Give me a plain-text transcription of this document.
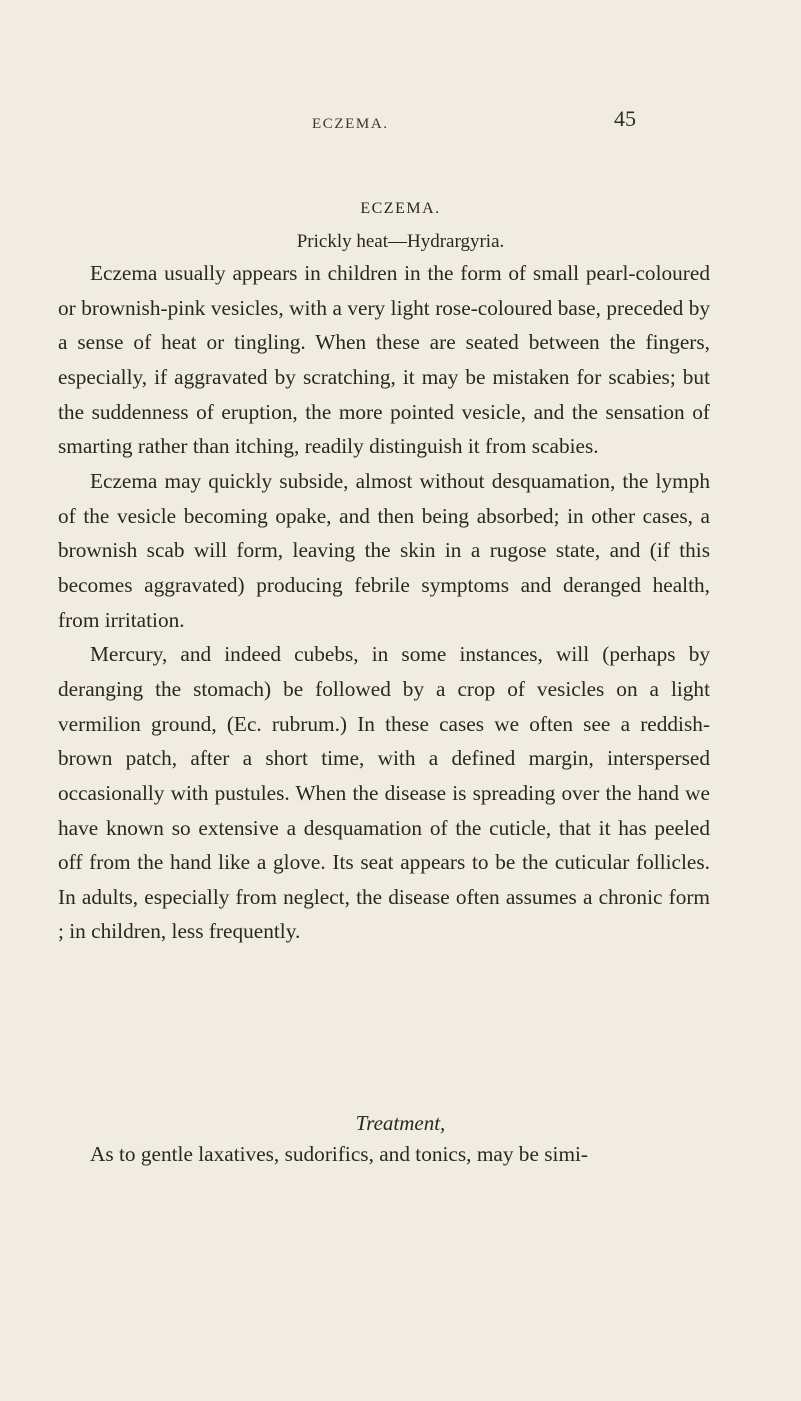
ECZEMA.	45
ECZEMA.
Prickly heat—Hydrargyria.

Eczema usually appears in children in the form of small pearl-coloured or brownish-pink vesicles, with a very light rose-coloured base, preceded by a sense of heat or tingling. When these are seated between the fingers, especially, if aggravated by scratching, it may be mistaken for scabies; but the suddenness of eruption, the more pointed vesicle, and the sensation of smarting rather than itching, readily distinguish it from scabies.

Eczema may quickly subside, almost without desquamation, the lymph of the vesicle becoming opake, and then being absorbed; in other cases, a brownish scab will form, leaving the skin in a rugose state, and (if this becomes aggravated) producing febrile symptoms and deranged health, from irritation.

Mercury, and indeed cubebs, in some instances, will (perhaps by deranging the stomach) be followed by a crop of vesicles on a light vermilion ground, (Ec. rubrum.) In these cases we often see a reddish-brown patch, after a short time, with a defined margin, interspersed occasionally with pustules. When the disease is spreading over the hand we have known so extensive a desquamation of the cuticle, that it has peeled off from the hand like a glove. Its seat appears to be the cuticular follicles. In adults, especially from neglect, the disease often assumes a chronic form ; in children, less frequently.

Treatment,

As to gentle laxatives, sudorifics, and tonics, may be simi-
